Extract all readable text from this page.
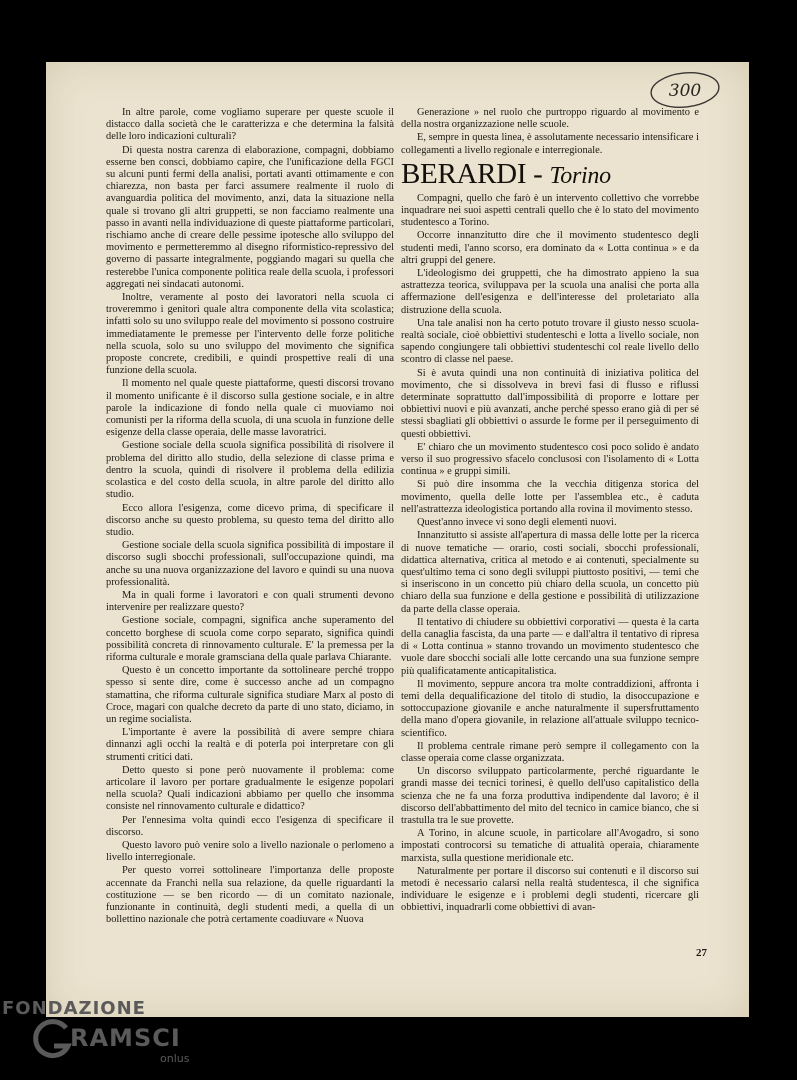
300

In altre parole, come vogliamo superare per queste scuole il distacco dalla società che le caratterizza e che determina la falsità delle loro indicazioni culturali?

Di questa nostra carenza di elaborazione, compagni, dobbiamo esserne ben consci, dobbiamo capire, che l'unificazione della FGCI su alcuni punti fermi della analisi, portati avanti ottimamente e con chiarezza, non basta per farci assumere realmente il ruolo di avanguardia politica del movimento, anzi, data la situazione nella quale si trovano gli altri gruppetti, se non facciamo realmente una passo in avanti nella individuazione di queste piattaforme particolari, rischiamo anche di creare delle pessime ipotesche allo sviluppo del movimento e permetteremmo al disegno riformistico-repressivo del governo di passarte integralmente, poggiando magari su quella che resterebbe l'unica componente politica reale della scuola, i professori aggregati nei sindacati autonomi.

Inoltre, veramente al posto dei lavoratori nella scuola ci troveremmo i genitori quale altra componente della vita scolastica; infatti solo su uno sviluppo reale del movimento si possono costruire immediatamente le premesse per l'intervento delle forze politiche nella scuola, solo su uno sviluppo del movimento che significa proposte concrete, credibili, e quindi prospettive reali di una funzione della scuola.

Il momento nel quale queste piattaforme, questi discorsi trovano il momento unificante è il discorso sulla gestione sociale, e in altre parole la indicazione di fondo nella quale ci muoviamo noi comunisti per la riforma della scuola, di una scuola in funzione delle esigenze della classe operaia, delle masse lavoratrici.

Gestione sociale della scuola significa possibilità di risolvere il problema del diritto allo studio, della selezione di classe prima e dentro la scuola, quindi di risolvere il problema della edilizia scolastica e del costo della scuola, in altre parole del diritto allo studio.

Ecco allora l'esigenza, come dicevo prima, di specificare il discorso anche su questo problema, su questo tema del diritto allo studio.

Gestione sociale della scuola significa possibilità di impostare il discorso sugli sbocchi professionali, sull'occupazione quindi, ma anche su una nuova organizzazione del lavoro e quindi su una nuova professionalità.

Ma in quali forme i lavoratori e con quali strumenti devono intervenire per realizzare questo?

Gestione sociale, compagni, significa anche superamento del concetto borghese di scuola come corpo separato, significa quindi possibilità concreta di rinnovamento culturale. E' la premessa per la riforma culturale e morale gramsciana della quale parlava Chiarante.

Questo è un concetto importante da sottolineare perché troppo spesso si sente dire, come è successo anche ad un compagno stamattina, che riforma culturale significa studiare Marx al posto di Croce, magari con qualche decreto da parte di uno stato, diciamo, in un regime socialista.

L'importante è avere la possibilità di avere sempre chiara dinnanzi agli occhi la realtà e di poterla poi interpretare con gli strumenti critici dati.

Detto questo si pone però nuovamente il problema: come articolare il lavoro per portare gradualmente le esigenze popolari nella scuola? Quali indicazioni abbiamo per quello che insomma consiste nel rinnovamento culturale e didattico?

Per l'ennesima volta quindi ecco l'esigenza di specificare il discorso.

Questo lavoro può venire solo a livello nazionale o perlomeno a livello interregionale.

Per questo vorrei sottolineare l'importanza delle proposte accennate da Franchi nella sua relazione, da quelle riguardanti la costituzione — se ben ricordo — di un comitato nazionale, funzionante in continuità, degli studenti medi, a quella di un bollettino nazionale che potrà certamente coadiuvare « Nuova

Generazione » nel ruolo che purtroppo riguardo al movimento e della nostra organizzazione nelle scuole.

E, sempre in questa linea, è assolutamente necessario intensificare i collegamenti a livello regionale e interregionale.

BERARDI - Torino

Compagni, quello che farò è un intervento collettivo che vorrebbe inquadrare nei suoi aspetti centrali quello che è lo stato del movimento studentesco a Torino.

Occorre innanzitutto dire che il movimento studentesco degli studenti medi, l'anno scorso, era dominato da « Lotta continua » e da altri gruppi del genere.

L'ideologismo dei gruppetti, che ha dimostrato appieno la sua astrattezza teorica, sviluppava per la scuola una analisi che porta alla affermazione dell'esigenza e dell'interesse del proletariato alla distruzione della scuola.

Una tale analisi non ha certo potuto trovare il giusto nesso scuola-realtà sociale, cioè obbiettivi studenteschi e lotta a livello sociale, non sapendo congiungere tali obbiettivi studenteschi col reale livello dello scontro di classe nel paese.

Si è avuta quindi una non continuità di iniziativa politica del movimento, che si dissolveva in brevi fasi di flusso e riflussi determinate soprattutto dall'impossibilità di proporre e lottare per obbiettivi nuovi e più avanzati, anche perché spesso erano già di per sé stessi sbagliati gli obbiettivi o assurde le forme per il perseguimento di questi obbiettivi.

E' chiaro che un movimento studentesco così poco solido è andato verso il suo progressivo sfacelo conclusosi con l'isolamento di « Lotta continua » e gruppi simili.

Si può dire insomma che la vecchia ditigenza storica del movimento, quella delle lotte per l'assemblea etc., è caduta nell'astrattezza ideologistica portando alla rovina il movimento stesso.

Quest'anno invece vi sono degli elementi nuovi.

Innanzitutto si assiste all'apertura di massa delle lotte per la ricerca di nuove tematiche — orario, costi sociali, sbocchi professionali, didattica alternativa, critica al metodo e ai contenuti, specialmente su quest'ultimo tema ci sono degli sviluppi piuttosto positivi, — temi che si inseriscono in un concetto più chiaro della scuola, un concetto più chiaro della sua funzione e della gestione e possibilità di utilizzazione da parte della classe operaia.

Il tentativo di chiudere su obbiettivi corporativi — questa è la carta della canaglia fascista, da una parte — e dall'altra il tentativo di ripresa di « Lotta continua » stanno trovando un movimento studentesco che vuole dare sbocchi sociali alle lotte cercando una sua funzione sempre più qualificatamente anticapitalistica.

Il movimento, seppure ancora tra molte contraddizioni, affronta i temi della dequalificazione del titolo di studio, la disoccupazione e sottoccupazione giovanile e anche naturalmente il supersfruttamento della mano d'opera giovanile, in relazione all'attuale sviluppo tecnico-scientifico.

Il problema centrale rimane però sempre il collegamento con la classe operaia come classe organizzata.

Un discorso sviluppato particolarmente, perché riguardante le grandi masse dei tecnici torinesi, è quello dell'uso capitalistico della scienza che ne fa una forza produttiva indipendente dal lavoro; è il discorso dell'abbattimento del mito del tecnico in camice bianco, che si trastulla tra le sue provette.

A Torino, in alcune scuole, in particolare all'Avogadro, si sono impostati controcorsi su tematiche di attualità operaia, chiaramente marxista, sulla questione meridionale etc.

Naturalmente per portare il discorso sui contenuti e il discorso sui metodi è necessario calarsi nella realtà studentesca, il che significa individuare le esigenze e i problemi degli studenti, ricercare gli obbiettivi, inquadrarli come obbiettivi di avan-

27
FONDAZIONE
RAMSCI
onlus
